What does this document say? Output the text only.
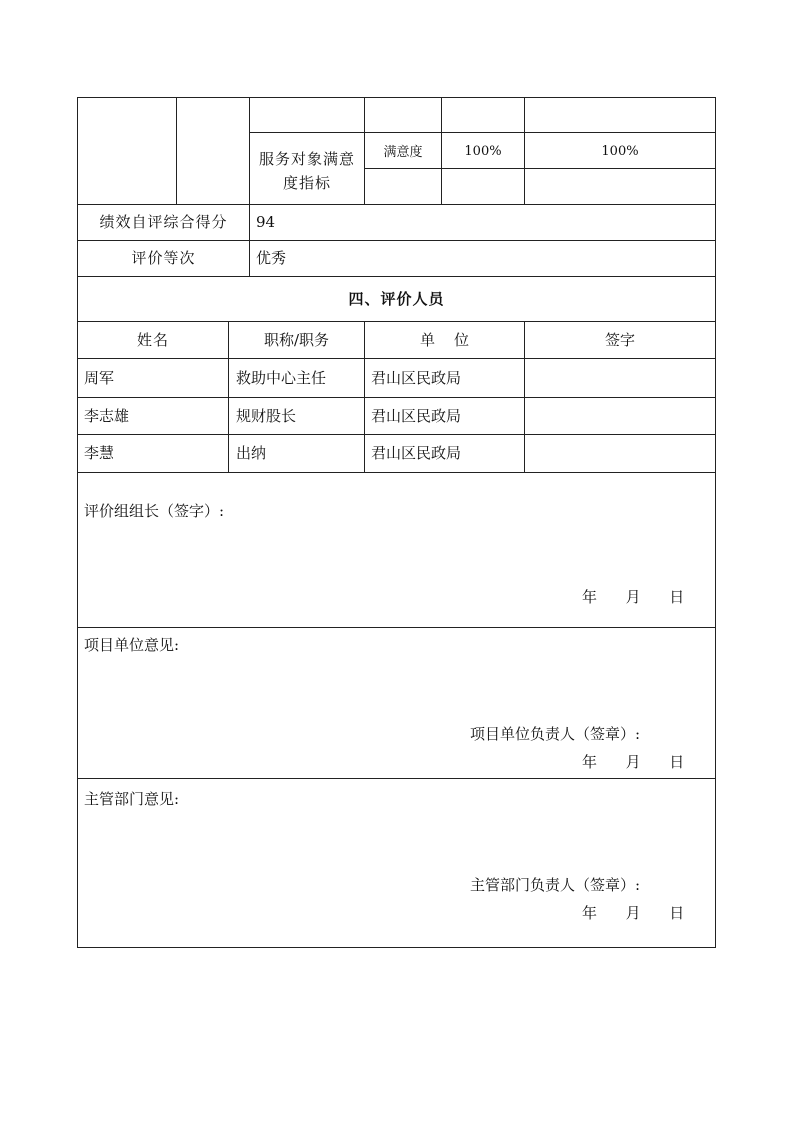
服务对象满意
度指标
满意度	100%	100%
绩效自评综合得分	94
评价等次	优秀
四、评价人员
姓名	职称/职务	单    位	签字
周军	救助中心主任	君山区民政局
李志雄	规财股长	君山区民政局
李慧	出纳	君山区民政局
评价组组长（签字）:
年      月      日
项目单位意见:
项目单位负责人（签章）:
年      月      日
主管部门意见:
主管部门负责人（签章）:
年      月      日
